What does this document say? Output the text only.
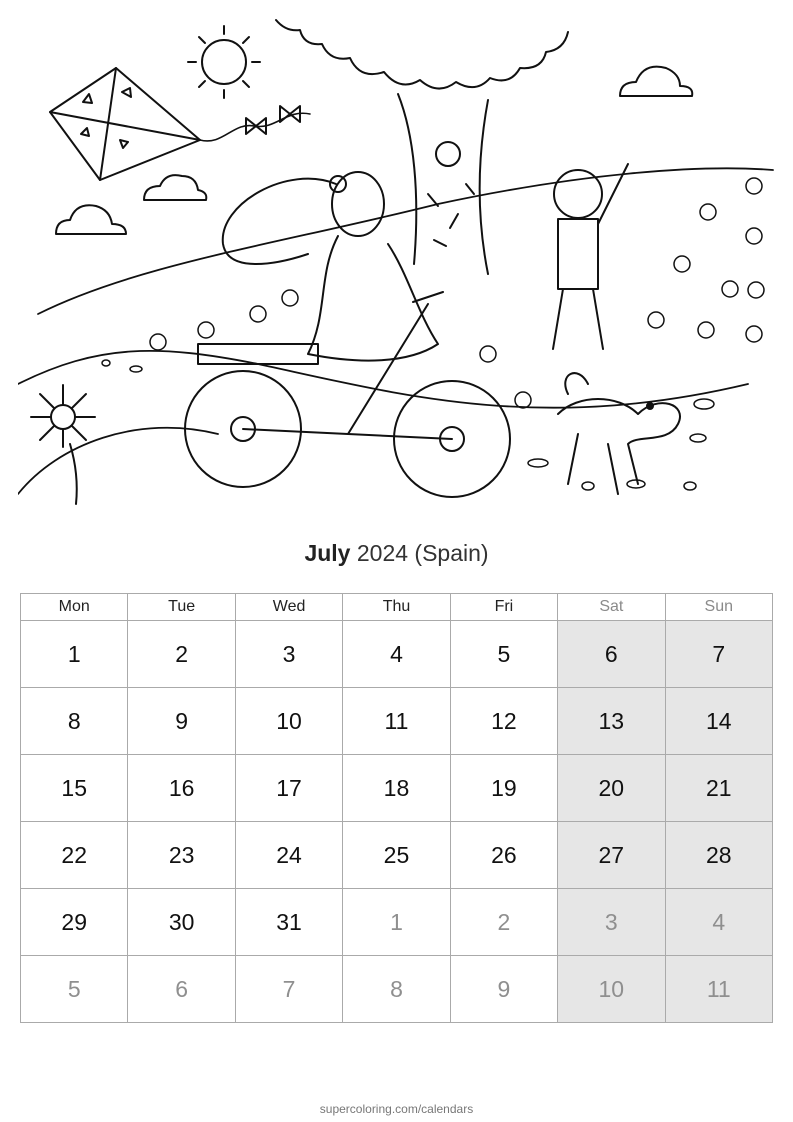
July 2024 (Spain)
Mon	Tue	Wed	Thu	Fri	Sat	Sun
1	2	3	4	5	6	7
8	9	10	11	12	13	14
15	16	17	18	19	20	21
22	23	24	25	26	27	28
29	30	31	1	2	3	4
5	6	7	8	9	10	11
supercoloring.com/calendars
